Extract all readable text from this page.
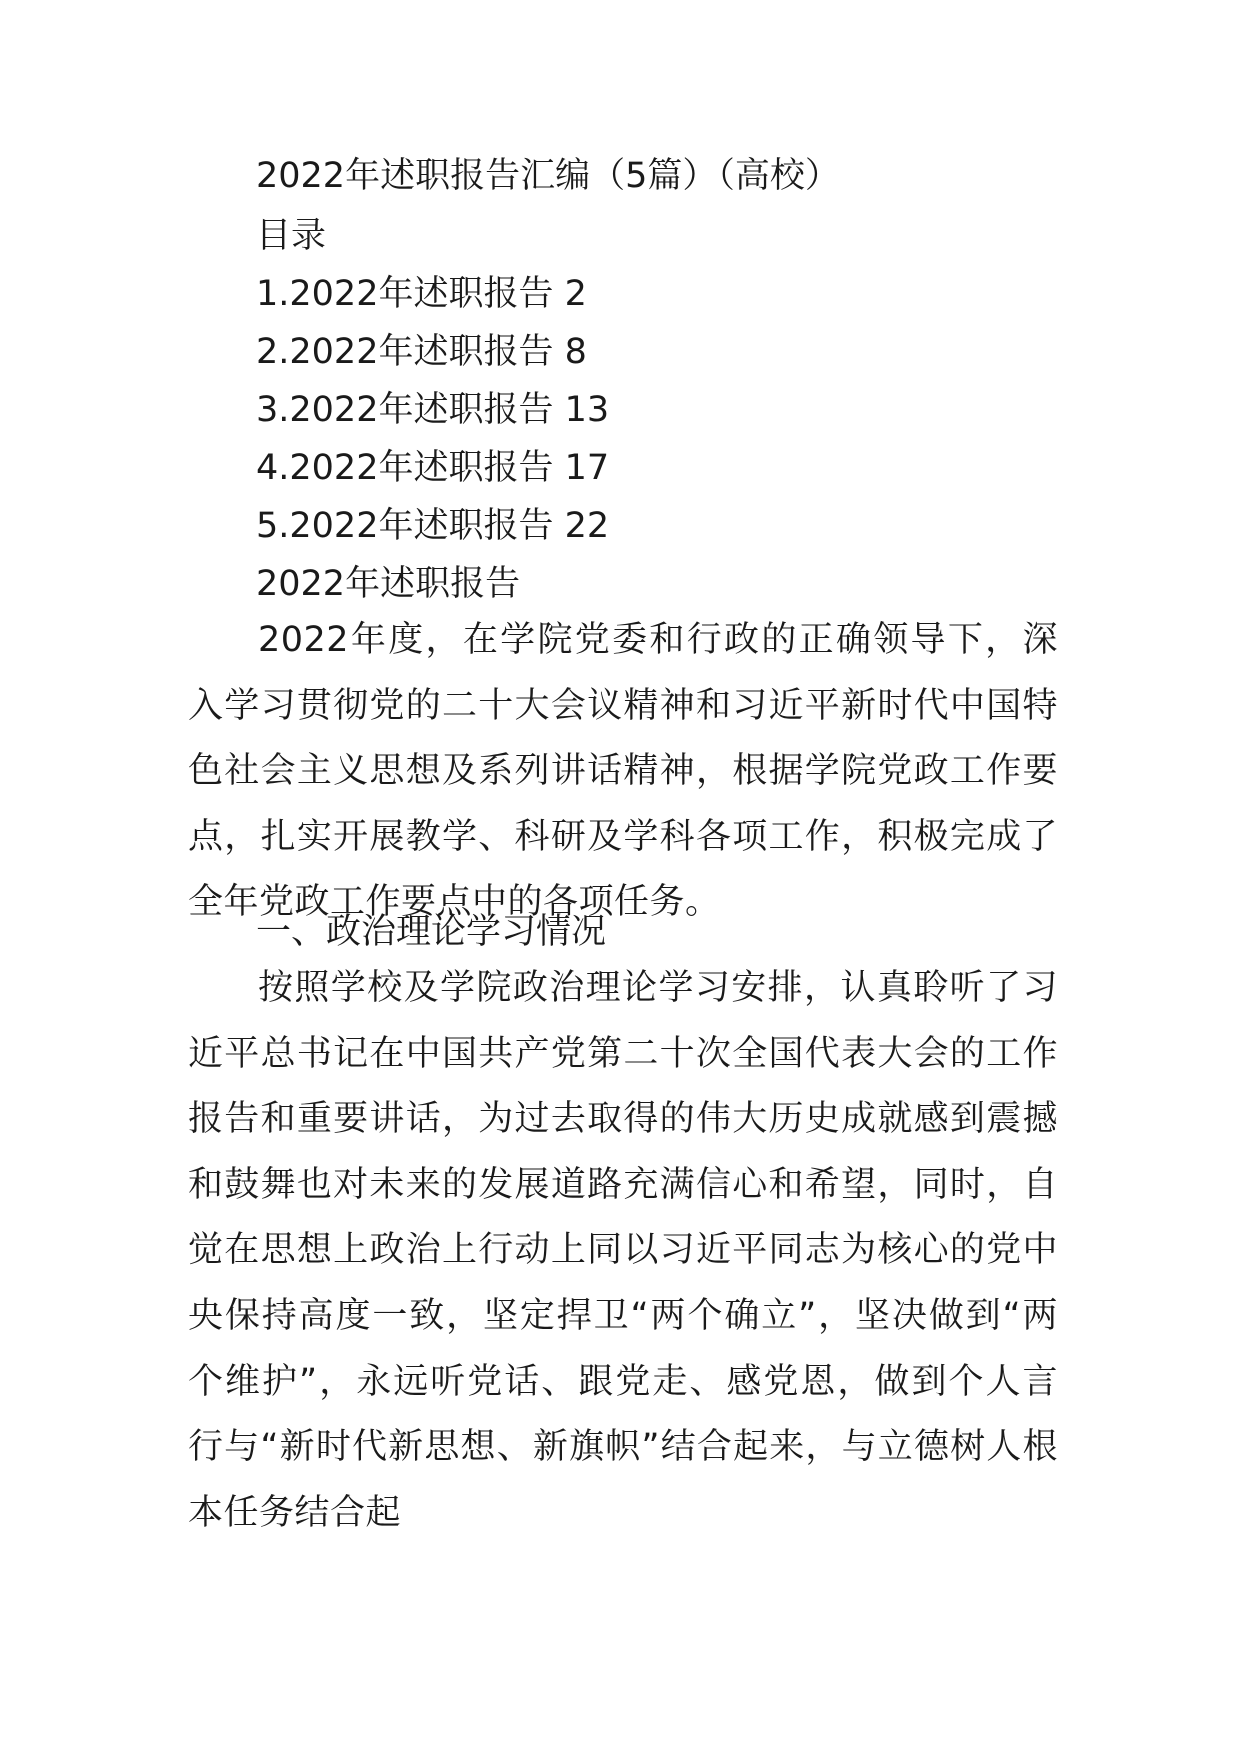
2022年述职报告汇编（5篇）（高校）
目录
1.2022年述职报告 2
2.2022年述职报告 8
3.2022年述职报告 13
4.2022年述职报告 17
5.2022年述职报告 22
2022年述职报告
2022年度，在学院党委和行政的正确领导下，深入学习贯彻党的二十大会议精神和习近平新时代中国特色社会主义思想及系列讲话精神，根据学院党政工作要点，扎实开展教学、科研及学科各项工作，积极完成了全年党政工作要点中的各项任务。
一、政治理论学习情况
按照学校及学院政治理论学习安排，认真聆听了习近平总书记在中国共产党第二十次全国代表大会的工作报告和重要讲话，为过去取得的伟大历史成就感到震撼和鼓舞也对未来的发展道路充满信心和希望，同时，自觉在思想上政治上行动上同以习近平同志为核心的党中央保持高度一致，坚定捍卫“两个确立”，坚决做到“两个维护”，永远听党话、跟党走、感党恩，做到个人言行与“新时代新思想、新旗帜”结合起来，与立德树人根本任务结合起
